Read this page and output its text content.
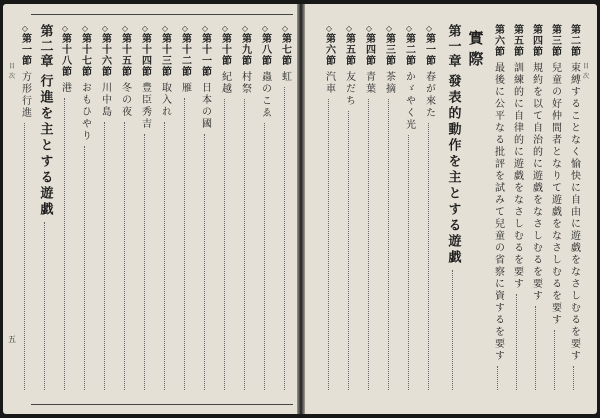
目次
第二節
束縛することなく愉快に自由に遊戯をなさしむるを要す
第三節
兒童の好仲間者となりて遊戯をなさしむるを要す
第四節
規約を以て自治的に遊戯をなさしむるを要す
第五節
訓練的に自律的に遊戯をなさしむるを要す
第六節
最後に公平なる批評を試みて兒童の省察に資するを要す
實際
第一章
發表的動作を主とする遊戯
◇
第一節
春が來た
◇
第二節
かゞやく光
◇
第三節
茶摘
◇
第四節
青葉
◇
第五節
友だち
◇
第六節
汽車
目次
五
◇
第七節
虹
◇
第八節
蟲のこゑ
◇
第九節
村祭
◇
第十節
紀越
◇
第十一節
日本の國
◇
第十二節
雁
◇
第十三節
取入れ
◇
第十四節
豊臣秀吉
◇
第十五節
冬の夜
◇
第十六節
川中島
◇
第十七節
おもひやり
◇
第十八節
港
第二章
行進を主とする遊戯
◇
第一節
方形行進
